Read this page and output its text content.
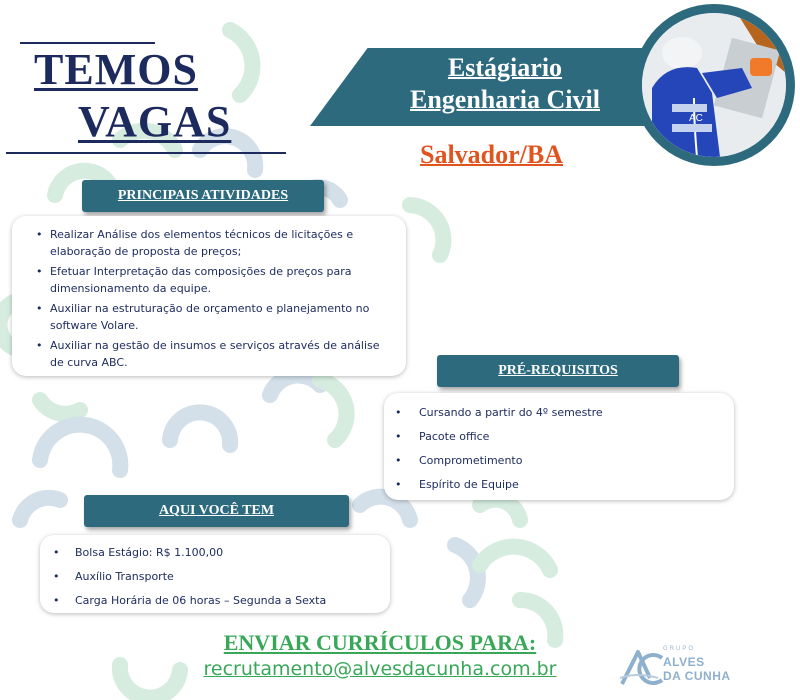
TEMOS
VAGAS
Estágiario
Engenharia Civil
Salvador/BA
AC
PRINCIPAIS ATIVIDADES
• Realizar Análise dos elementos técnicos de licitações e elaboração de proposta de preços;
• Efetuar Interpretação das composições de preços para dimensionamento da equipe.
• Auxiliar na estruturação de orçamento e planejamento no software Volare.
• Auxiliar na gestão de insumos e serviços através de análise de curva ABC.
PRÉ-REQUISITOS
• Cursando a partir do 4º semestre
• Pacote office
• Comprometimento
• Espírito de Equipe
AQUI VOCÊ TEM
• Bolsa Estágio: R$ 1.100,00
• Auxílio Transporte
• Carga Horária de 06 horas – Segunda a Sexta
ENVIAR CURRÍCULOS PARA:
recrutamento@alvesdacunha.com.br
GRUPO
ALVES
DA CUNHA
